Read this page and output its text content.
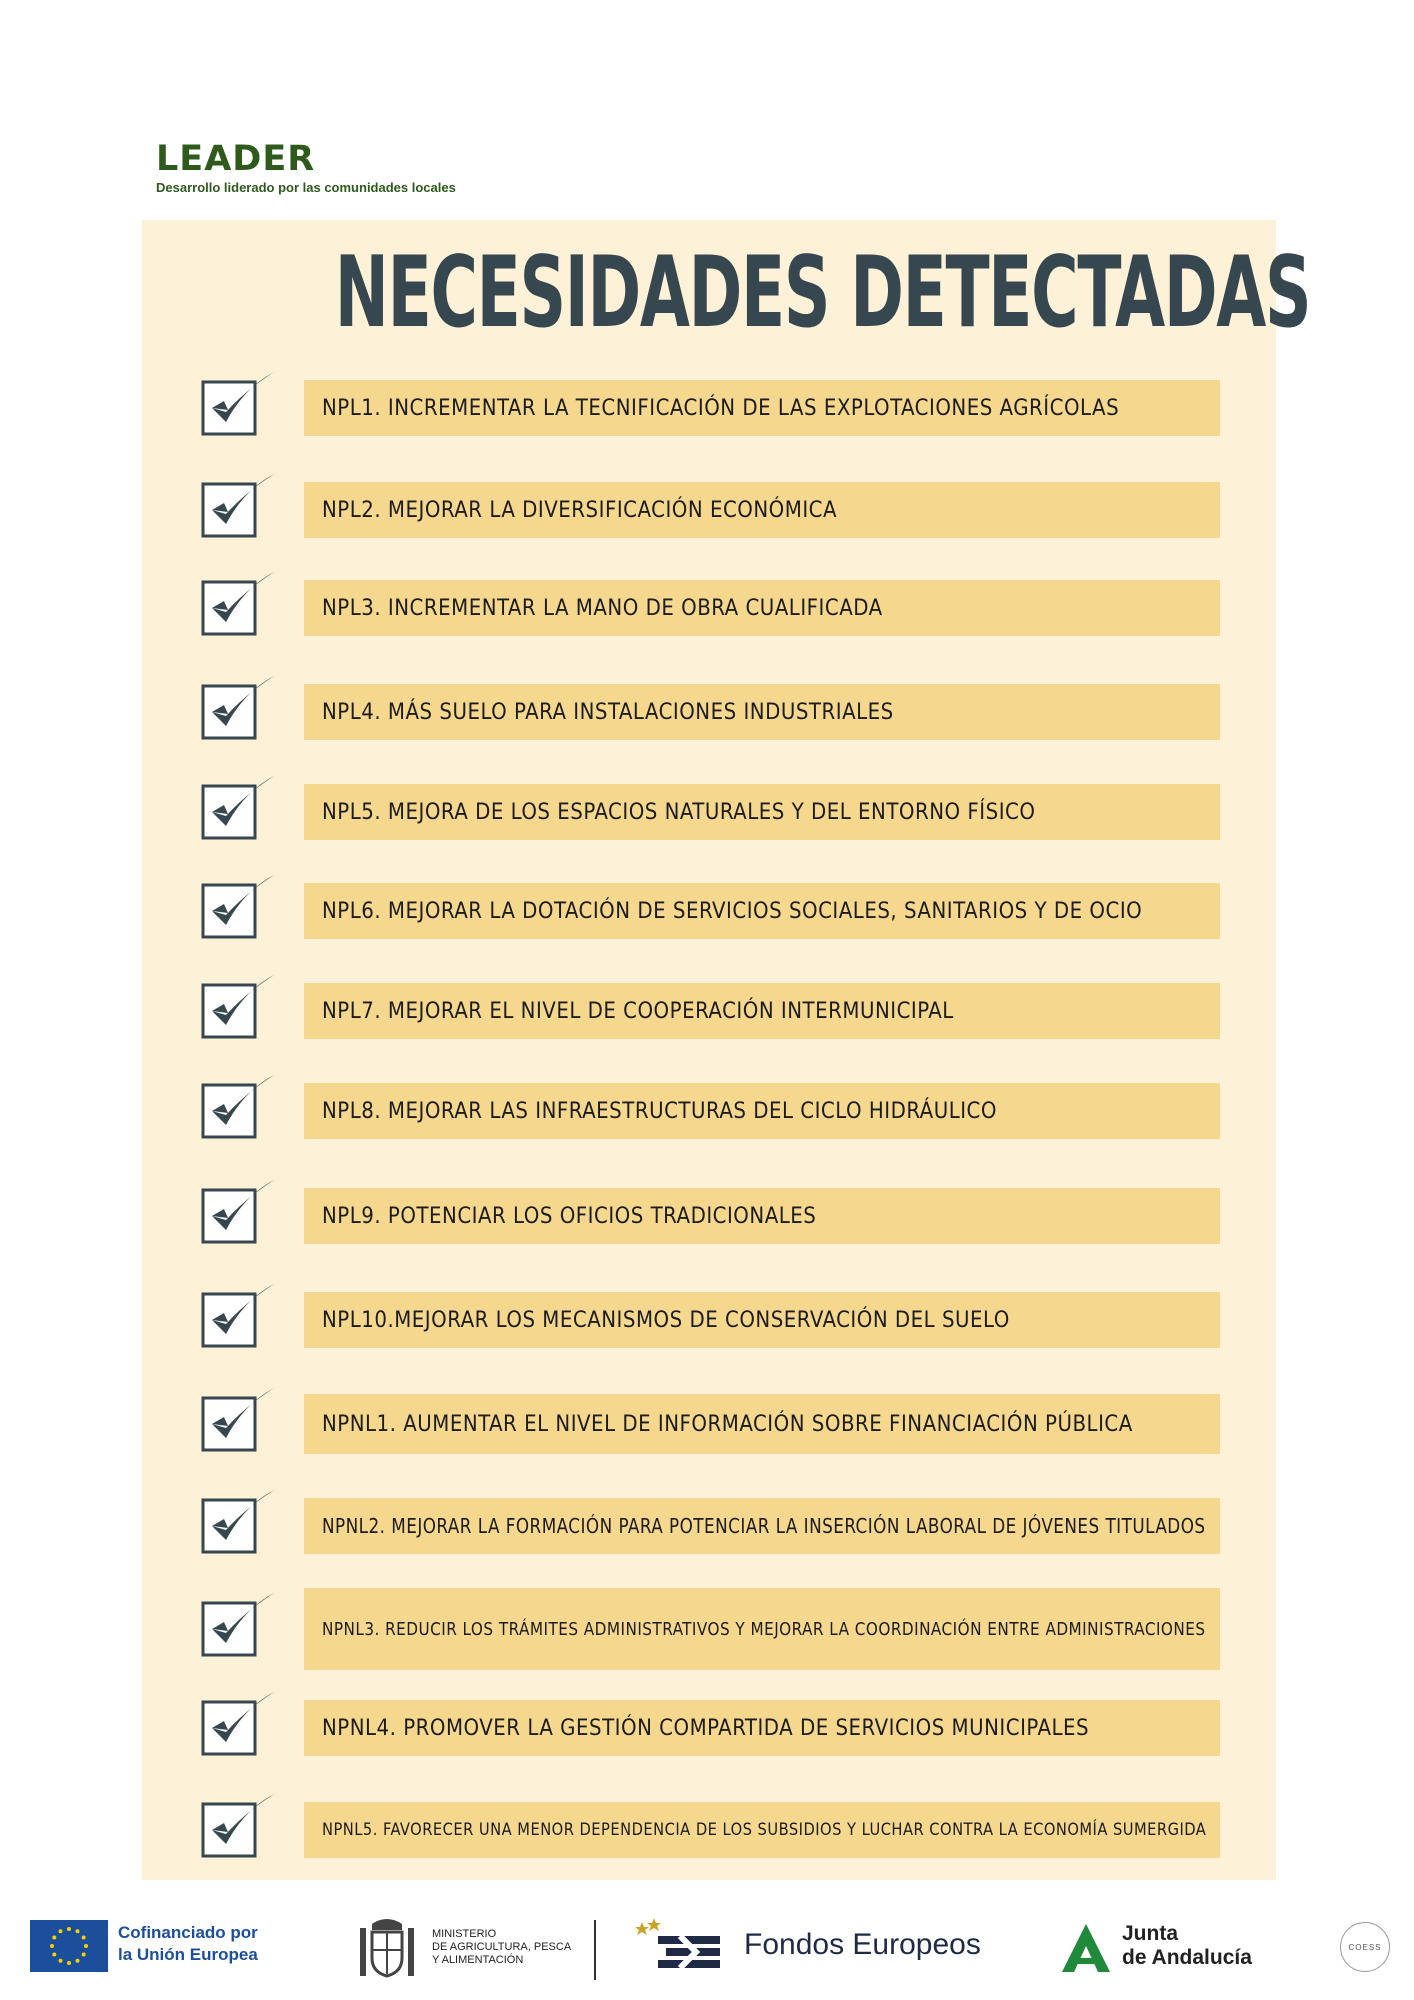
LEADER
Desarrollo liderado por las comunidades locales
NECESIDADES DETECTADAS
NPL1. INCREMENTAR LA TECNIFICACIÓN DE LAS EXPLOTACIONES AGRÍCOLAS
NPL2. MEJORAR LA DIVERSIFICACIÓN ECONÓMICA
NPL3. INCREMENTAR LA MANO DE OBRA CUALIFICADA
NPL4. MÁS SUELO PARA INSTALACIONES INDUSTRIALES
NPL5. MEJORA DE LOS ESPACIOS NATURALES Y DEL ENTORNO FÍSICO
NPL6. MEJORAR LA DOTACIÓN DE SERVICIOS SOCIALES, SANITARIOS Y DE OCIO
NPL7. MEJORAR EL NIVEL DE COOPERACIÓN INTERMUNICIPAL
NPL8. MEJORAR LAS INFRAESTRUCTURAS DEL CICLO HIDRÁULICO
NPL9. POTENCIAR LOS OFICIOS TRADICIONALES
NPL10.MEJORAR LOS MECANISMOS DE CONSERVACIÓN DEL SUELO
NPNL1. AUMENTAR EL NIVEL DE INFORMACIÓN SOBRE FINANCIACIÓN PÚBLICA
NPNL2. MEJORAR LA FORMACIÓN PARA POTENCIAR LA INSERCIÓN LABORAL DE JÓVENES TITULADOS
NPNL3. REDUCIR LOS TRÁMITES ADMINISTRATIVOS Y MEJORAR LA COORDINACIÓN ENTRE ADMINISTRACIONES
NPNL4. PROMOVER LA GESTIÓN COMPARTIDA DE SERVICIOS MUNICIPALES
NPNL5. FAVORECER UNA MENOR DEPENDENCIA DE LOS SUBSIDIOS Y LUCHAR CONTRA LA ECONOMÍA SUMERGIDA
Cofinanciado por
la Unión Europea
MINISTERIO
DE AGRICULTURA, PESCA
Y ALIMENTACIÓN	Fondos Europeos	Junta
de Andalucía	COESS
